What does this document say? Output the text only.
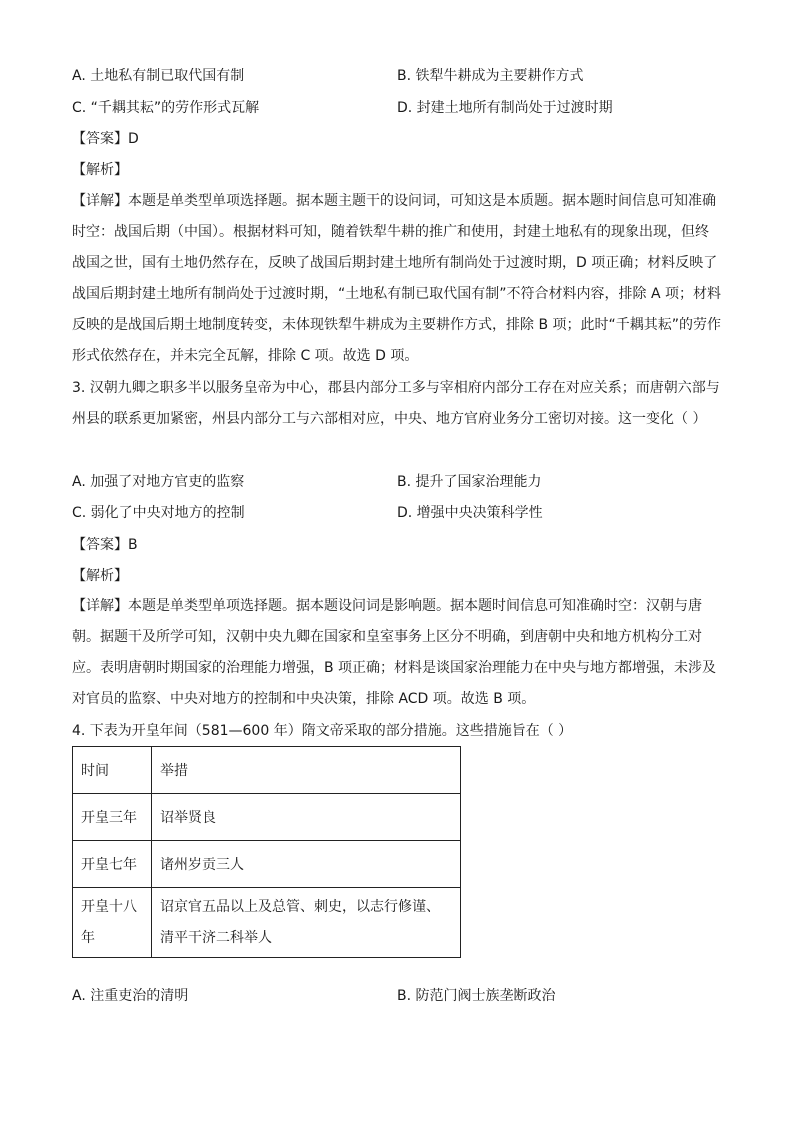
A. 土地私有制已取代国有制	B. 铁犁牛耕成为主要耕作方式
C. “千耦其耘”的劳作形式瓦解	D. 封建土地所有制尚处于过渡时期
【答案】D
【解析】
【详解】本题是单类型单项选择题。据本题主题干的设问词，可知这是本质题。据本题时间信息可知准确时空：战国后期（中国）。根据材料可知，随着铁犁牛耕的推广和使用，封建土地私有的现象出现，但终战国之世，国有土地仍然存在，反映了战国后期封建土地所有制尚处于过渡时期，D 项正确；材料反映了战国后期封建土地所有制尚处于过渡时期，“土地私有制已取代国有制”不符合材料内容，排除 A 项；材料反映的是战国后期土地制度转变，未体现铁犁牛耕成为主要耕作方式，排除 B 项；此时“千耦其耘”的劳作形式依然存在，并未完全瓦解，排除 C 项。故选 D 项。
3. 汉朝九卿之职多半以服务皇帝为中心，郡县内部分工多与宰相府内部分工存在对应关系；而唐朝六部与州县的联系更加紧密，州县内部分工与六部相对应，中央、地方官府业务分工密切对接。这一变化（ ）
A. 加强了对地方官吏的监察	B. 提升了国家治理能力
C. 弱化了中央对地方的控制	D. 增强中央决策科学性
【答案】B
【解析】
【详解】本题是单类型单项选择题。据本题设问词是影响题。据本题时间信息可知准确时空：汉朝与唐朝。据题干及所学可知，汉朝中央九卿在国家和皇室事务上区分不明确，到唐朝中央和地方机构分工对应。表明唐朝时期国家的治理能力增强，B 项正确；材料是谈国家治理能力在中央与地方都增强，未涉及对官员的监察、中央对地方的控制和中央决策，排除 ACD 项。故选 B 项。
4. 下表为开皇年间（581—600 年）隋文帝采取的部分措施。这些措施旨在（ ）
时间	举措
开皇三年	诏举贤良
开皇七年	诸州岁贡三人
开皇十八年	诏京官五品以上及总管、刺史，以志行修谨、清平干济二科举人
A. 注重吏治的清明	B. 防范门阀士族垄断政治
